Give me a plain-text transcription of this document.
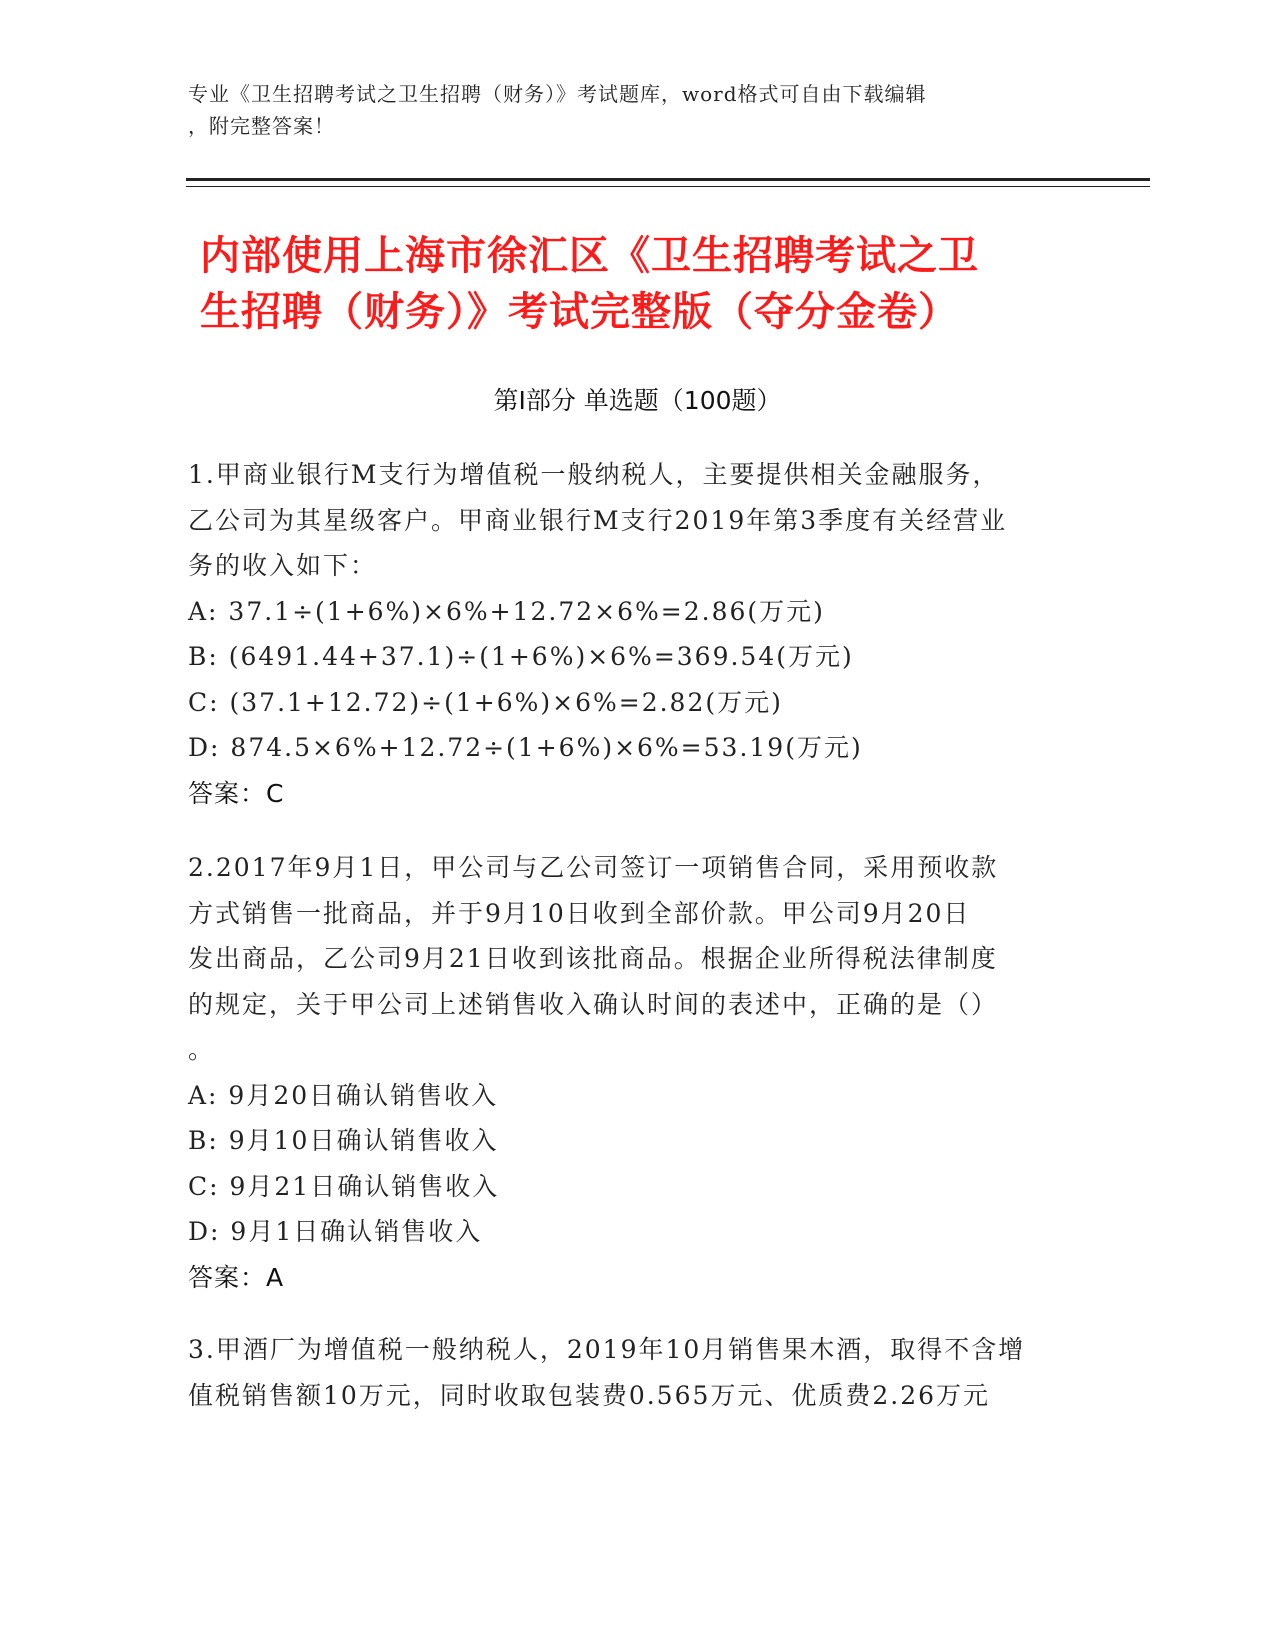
专业《卫生招聘考试之卫生招聘（财务）》考试题库，word格式可自由下载编辑
，附完整答案！
内部使用上海市徐汇区《卫生招聘考试之卫
生招聘（财务）》考试完整版（夺分金卷）
第Ⅰ部分 单选题（100题）
1.甲商业银行M支行为增值税一般纳税人，主要提供相关金融服务，
乙公司为其星级客户。甲商业银行M支行2019年第3季度有关经营业
务的收入如下：
A: 37.1÷(1+6%)×6%+12.72×6%=2.86(万元)
B: (6491.44+37.1)÷(1+6%)×6%=369.54(万元)
C: (37.1+12.72)÷(1+6%)×6%=2.82(万元)
D: 874.5×6%+12.72÷(1+6%)×6%=53.19(万元)
答案：C
2.2017年9月1日，甲公司与乙公司签订一项销售合同，采用预收款
方式销售一批商品，并于9月10日收到全部价款。甲公司9月20日
发出商品，乙公司9月21日收到该批商品。根据企业所得税法律制度
的规定，关于甲公司上述销售收入确认时间的表述中，正确的是（）
。
A: 9月20日确认销售收入
B: 9月10日确认销售收入
C: 9月21日确认销售收入
D: 9月1日确认销售收入
答案：A
3.甲酒厂为增值税一般纳税人，2019年10月销售果木酒，取得不含增
值税销售额10万元，同时收取包装费0.565万元、优质费2.26万元
